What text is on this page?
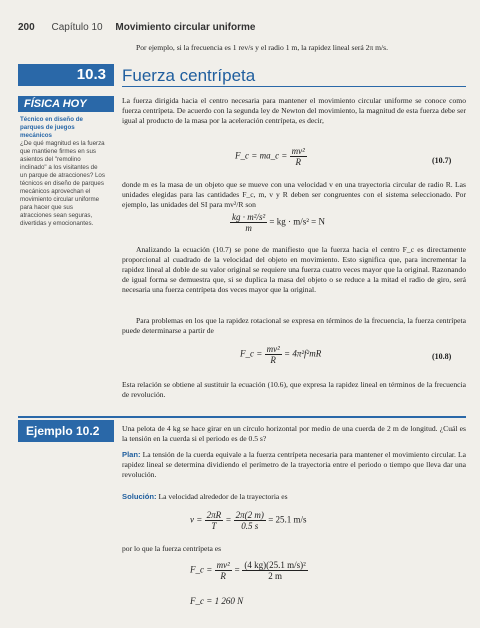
200 Capítulo 10 Movimiento circular uniforme
Por ejemplo, si la frecuencia es 1 rev/s y el radio 1 m, la rapidez lineal será 2π m/s.
10.3 Fuerza centrípeta
FÍSICA HOY
Técnico en diseño de parques de juegos mecánicos
¿De qué magnitud es la fuerza que mantiene firmes en sus asientos del "remolino inclinado" a los visitantes de un parque de atracciones? Los técnicos en diseño de parques mecánicos aprovechan el movimiento circular uniforme para hacer que sus atracciones sean seguras, divertidas y emocionantes.
La fuerza dirigida hacia el centro necesaria para mantener el movimiento circular uniforme se conoce como fuerza centrípeta. De acuerdo con la segunda ley de Newton del movimiento, la magnitud de esta fuerza debe ser igual al producto de la masa por la aceleración centrípeta, es decir,
F_c = ma_c = $\frac{\text{mv²}}{R}$	(10.7)
donde m es la masa de un objeto que se mueve con una velocidad v en una trayectoria circular de radio R. Las unidades elegidas para las cantidades F_c, m, v y R deben ser congruentes con el sistema seleccionado. Por ejemplo, las unidades del SI para mv²/R son
$\frac{\text{kg · m²/s²}}{m}$ = kg · m/s² = N
Analizando la ecuación (10.7) se pone de manifiesto que la fuerza hacia el centro F_c es directamente proporcional al cuadrado de la velocidad del objeto en movimiento. Esto significa que, para incrementar la rapidez lineal al doble de su valor original se requiere una fuerza cuatro veces mayor que la original. Razonando de igual forma se demuestra que, si se duplica la masa del objeto o se reduce a la mitad el radio de giro, será necesaria una fuerza centrípeta dos veces mayor que la original.
Para problemas en los que la rapidez rotacional se expresa en términos de la frecuencia, la fuerza centrípeta puede determinarse a partir de
F_c = $\frac{\text{mv²}}{R} = 4\pi^2f^2mR$	(10.8)
Esta relación se obtiene al sustituir la ecuación (10.6), que expresa la rapidez lineal en términos de la frecuencia de revolución.
Ejemplo 10.2	Una pelota de 4 kg se hace girar en un círculo horizontal por medio de una cuerda de 2 m de longitud. ¿Cuál es la tensión en la cuerda si el periodo es de 0.5 s?
Plan: La tensión de la cuerda equivale a la fuerza centrípeta necesaria para mantener el movimiento circular. La rapidez lineal se determina dividiendo el perímetro de la trayectoria entre el periodo o tiempo que lleva dar una revolución.
Solución: La velocidad alrededor de la trayectoria es
$v = \frac{2\pi R}{T} = \frac{2\pi(2 m)}{0.5 s} = 25.1$ m/s
por lo que la fuerza centrípeta es
F_c = $\frac{\text{mv²}}{R} = \frac{\text{(4 kg)(25.1 m/s)²}}{2 m}$
F_c = 1 260 N
